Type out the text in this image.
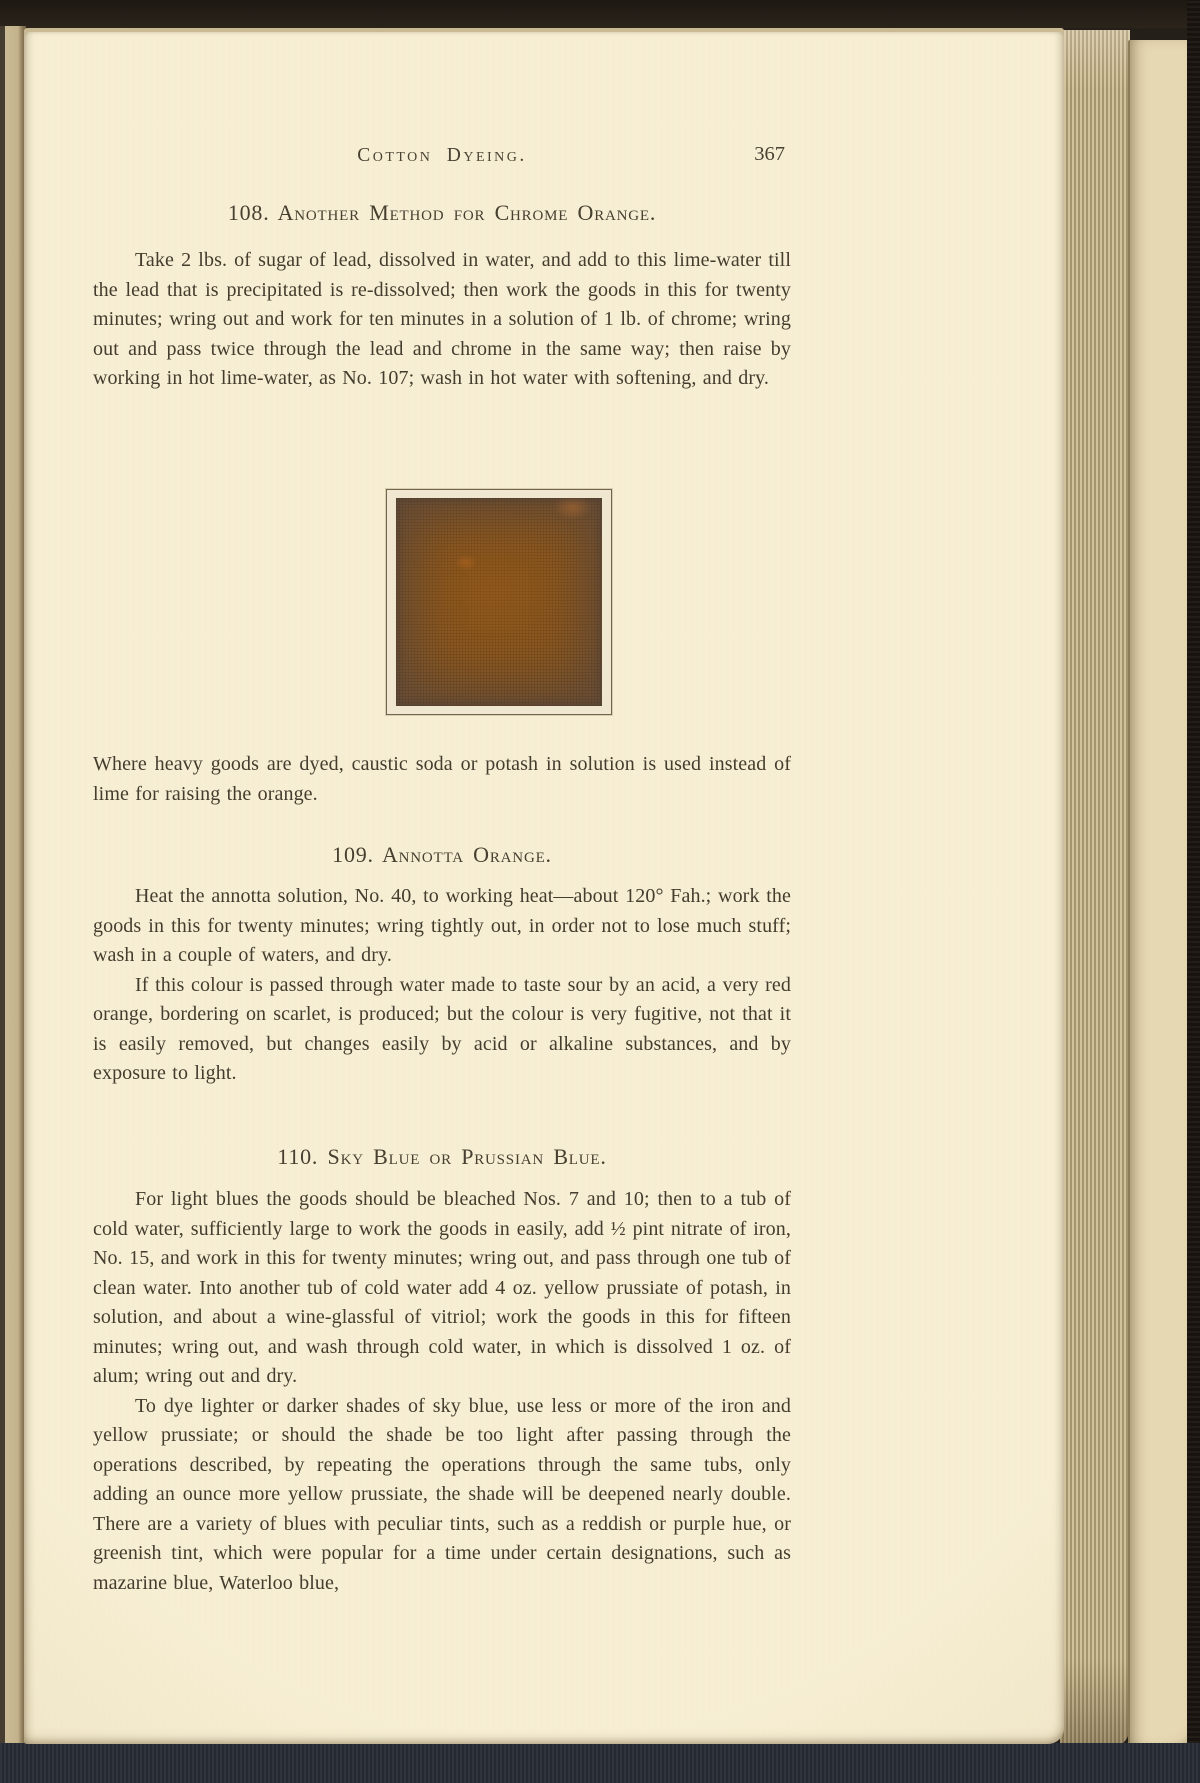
Cotton Dyeing.	367
108. Another Method for Chrome Orange.

Take 2 lbs. of sugar of lead, dissolved in water, and add to this lime-water till the lead that is precipitated is re-dissolved; then work the goods in this for twenty minutes; wring out and work for ten minutes in a solution of 1 lb. of chrome; wring out and pass twice through the lead and chrome in the same way; then raise by working in hot lime-water, as No. 107; wash in hot water with softening, and dry.

Where heavy goods are dyed, caustic soda or potash in solution is used instead of lime for raising the orange.

109. Annotta Orange.

Heat the annotta solution, No. 40, to working heat—about 120° Fah.; work the goods in this for twenty minutes; wring tightly out, in order not to lose much stuff; wash in a couple of waters, and dry.

If this colour is passed through water made to taste sour by an acid, a very red orange, bordering on scarlet, is produced; but the colour is very fugitive, not that it is easily removed, but changes easily by acid or alkaline substances, and by exposure to light.

110. Sky Blue or Prussian Blue.

For light blues the goods should be bleached Nos. 7 and 10; then to a tub of cold water, sufficiently large to work the goods in easily, add ½ pint nitrate of iron, No. 15, and work in this for twenty minutes; wring out, and pass through one tub of clean water. Into another tub of cold water add 4 oz. yellow prussiate of potash, in solution, and about a wine-glassful of vitriol; work the goods in this for fifteen minutes; wring out, and wash through cold water, in which is dissolved 1 oz. of alum; wring out and dry.

To dye lighter or darker shades of sky blue, use less or more of the iron and yellow prussiate; or should the shade be too light after passing through the operations described, by repeating the operations through the same tubs, only adding an ounce more yellow prussiate, the shade will be deepened nearly double. There are a variety of blues with peculiar tints, such as a reddish or purple hue, or greenish tint, which were popular for a time under certain designations, such as mazarine blue, Waterloo blue,
